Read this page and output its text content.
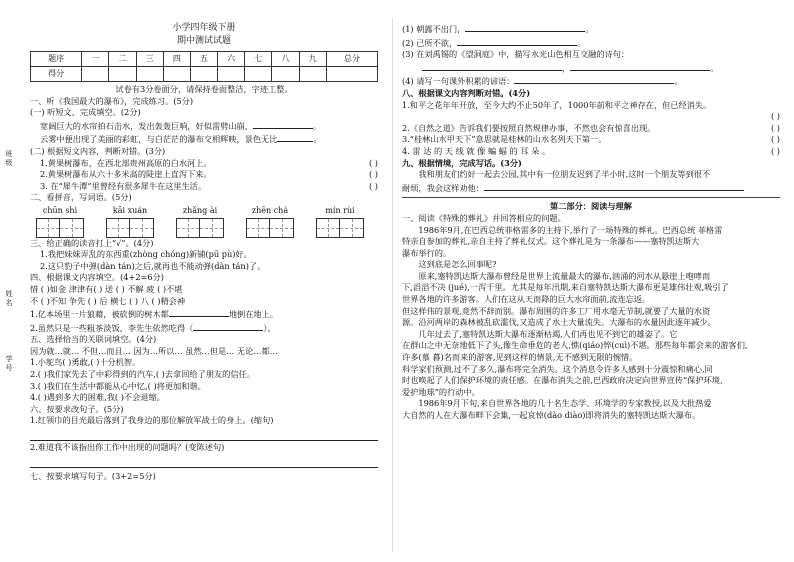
班级
姓名
学号
小学四年级下册
期中测试试题
题序	一	二	三	四	五	六	七	八	九	总分
得分										
试卷有3分卷面分，请保持卷面整洁，字迹工整。
一、听《我国最大的瀑布》，完成练习。(5分)
(一) 听短文，完成填空。(2分)
宽阔巨大的水帘拍石击水，发出轰轰巨响，好似雷劈山崩，	。
云雾中便出现了美丽的彩虹，与白茫茫的瀑布交相辉映，景色无比	。
(二) 根据短文内容，判断对错。(3分)
1.黄果树瀑布，在西北部贵州高原的白水河上。	( )
2.黄果树瀑布从六十多米高的陡崖上直泻下来。	( )
3. 在“犀牛潭”里曾经有很多犀牛在这里生活。	( )
二、看拼音，写词语。(5分)
chūn shì	kāi xuán	zhǎng ài	zhēn chá	mín rùi
三、给正确的读音打上“√”。(4分)
1.我把妹妹弄乱的东西重(zhòng chóng)新铺(pū pù)好。
2.这只豹子中弹(dàn tán)之后,就再也不能动弹(dàn tán)了。
四、根据课文内容填空。(4+2=6分)
惜 ( )如金 津津有( ) 送 ( ) 不解 疲 ( )不堪
不 ( )不知 争先 ( ) 后 横七 ( ) 八 ( )精会神
1.亿本场里一片狼藉，被砍倒的树木都	地倒在地上。
2.虽然只是一些粗茶淡饭，李先生依然吃得（	）。
五、选择恰当的关联词填空。(4分)
因为就…就… 不但…而且… 因为…所以… 虽然…但是… 无论…都…
1.小鸵鸟( )勇敢,( )十分机智。
2.( )我们家先去了中彩得到的汽车,( )去拿回给了朋友的信任。
3.( )我们在生活中都能从心中忆,( )将更加和谐。
4.( )遇到多大的困难,我( )不会退缩。
六、按要求改句子。(5分)
1.红领巾的目光最后落到了我身边的那位解放军战士的身上。(缩句)
2.难道我不该指出你工作中出现的问题吗？(变陈述句)
七、按要求填写句子。(3+2=5分)
(1) 朝露不出门，	。
(2) 已所不欲，	。
(3) 在刘禹锡的《望洞庭》中，描写水光山色相互交融的诗句：
，	。
(4) 请写一句课外积累的谚语：	。
八、根据课文内容判断对错。(4分)
1.和平之花年年开放，至今大约不止50年了，1000年前和平之神存在，但已经消失。
( )

2.《自然之道》告诉我们要按照自然规律办事，不然也会有惊喜出现。	( )
3.“桂林山水甲天下”意思就是桂林的山水名列天下第一。	( )
4. 雷 达 的 天 线 就 像 蝙 蝠 的 耳 朵 。	( )
九、根据情境，完成写话。(3分)
我和朋友们约好一起去公园,其中有一位朋友迟到了半小时,这时一个朋友等到很不
耐烦，我会这样劝他：
第二部分：阅读与理解
一、阅读《特殊的葬礼》并回答相应的问题。
1986年9月,在巴西总统菲格雷多的主持下,举行了一场特殊的葬礼。巴西总统 菲格雷
特亲自参加的葬礼,亲自主持了葬礼仪式。这个葬礼是为一条瀑布——塞特凯达斯大
瀑布举行的。
这到底是怎么回事呢?
原来,塞特凯达斯大瀑布曾经是世界上流量最大的瀑布,汹涌的河水从悬崖上咆哮而
下,滔滔不决 (jué),一泻千里。尤其是每年汛期,来自塞特凯达斯大瀑布更是雄伟壮观,吸引了
世界各地的许多游客。人们在这从天而降的巨大水帘面前,流连忘返。
但这样伟的景观,竟然不辞而别。瀑布周围的许多工厂用水毫无节制,就要了大量的水资
源。沿河两岸的森林被乱砍滥伐,又造成了水土大量流失。大瀑布的水量因此逐年减少。
几年过去了,塞特凯达斯大瀑布逐渐枯竭,人们再也见不到它的雄姿了。它
在群山之中无奈地低下了头,像生命垂危的老人,憔(qiáo)悴(cuì)不堪。那些每年都会来的游客们,
许多(慕 暮)名而来的游客,见到这样的情景,无不感到无限的惋惜。
科学家们预测,过不了多久,瀑布将完全消失。这个消息令许多人感到十分震惊和痛心,同
时也唤起了人们保护环境的责任感。在瀑布消失之前,巴西政府决定向世界宣传“保护环境、
爱护地球”的行动中。
1986年9月下旬,来自世界各地的几十名生态学、环境学的专家教授,以及大批热爱
大自然的人在大瀑布畔下会集,一起哀悼(dào diào)即将消失的塞特凯达斯大瀑布。
